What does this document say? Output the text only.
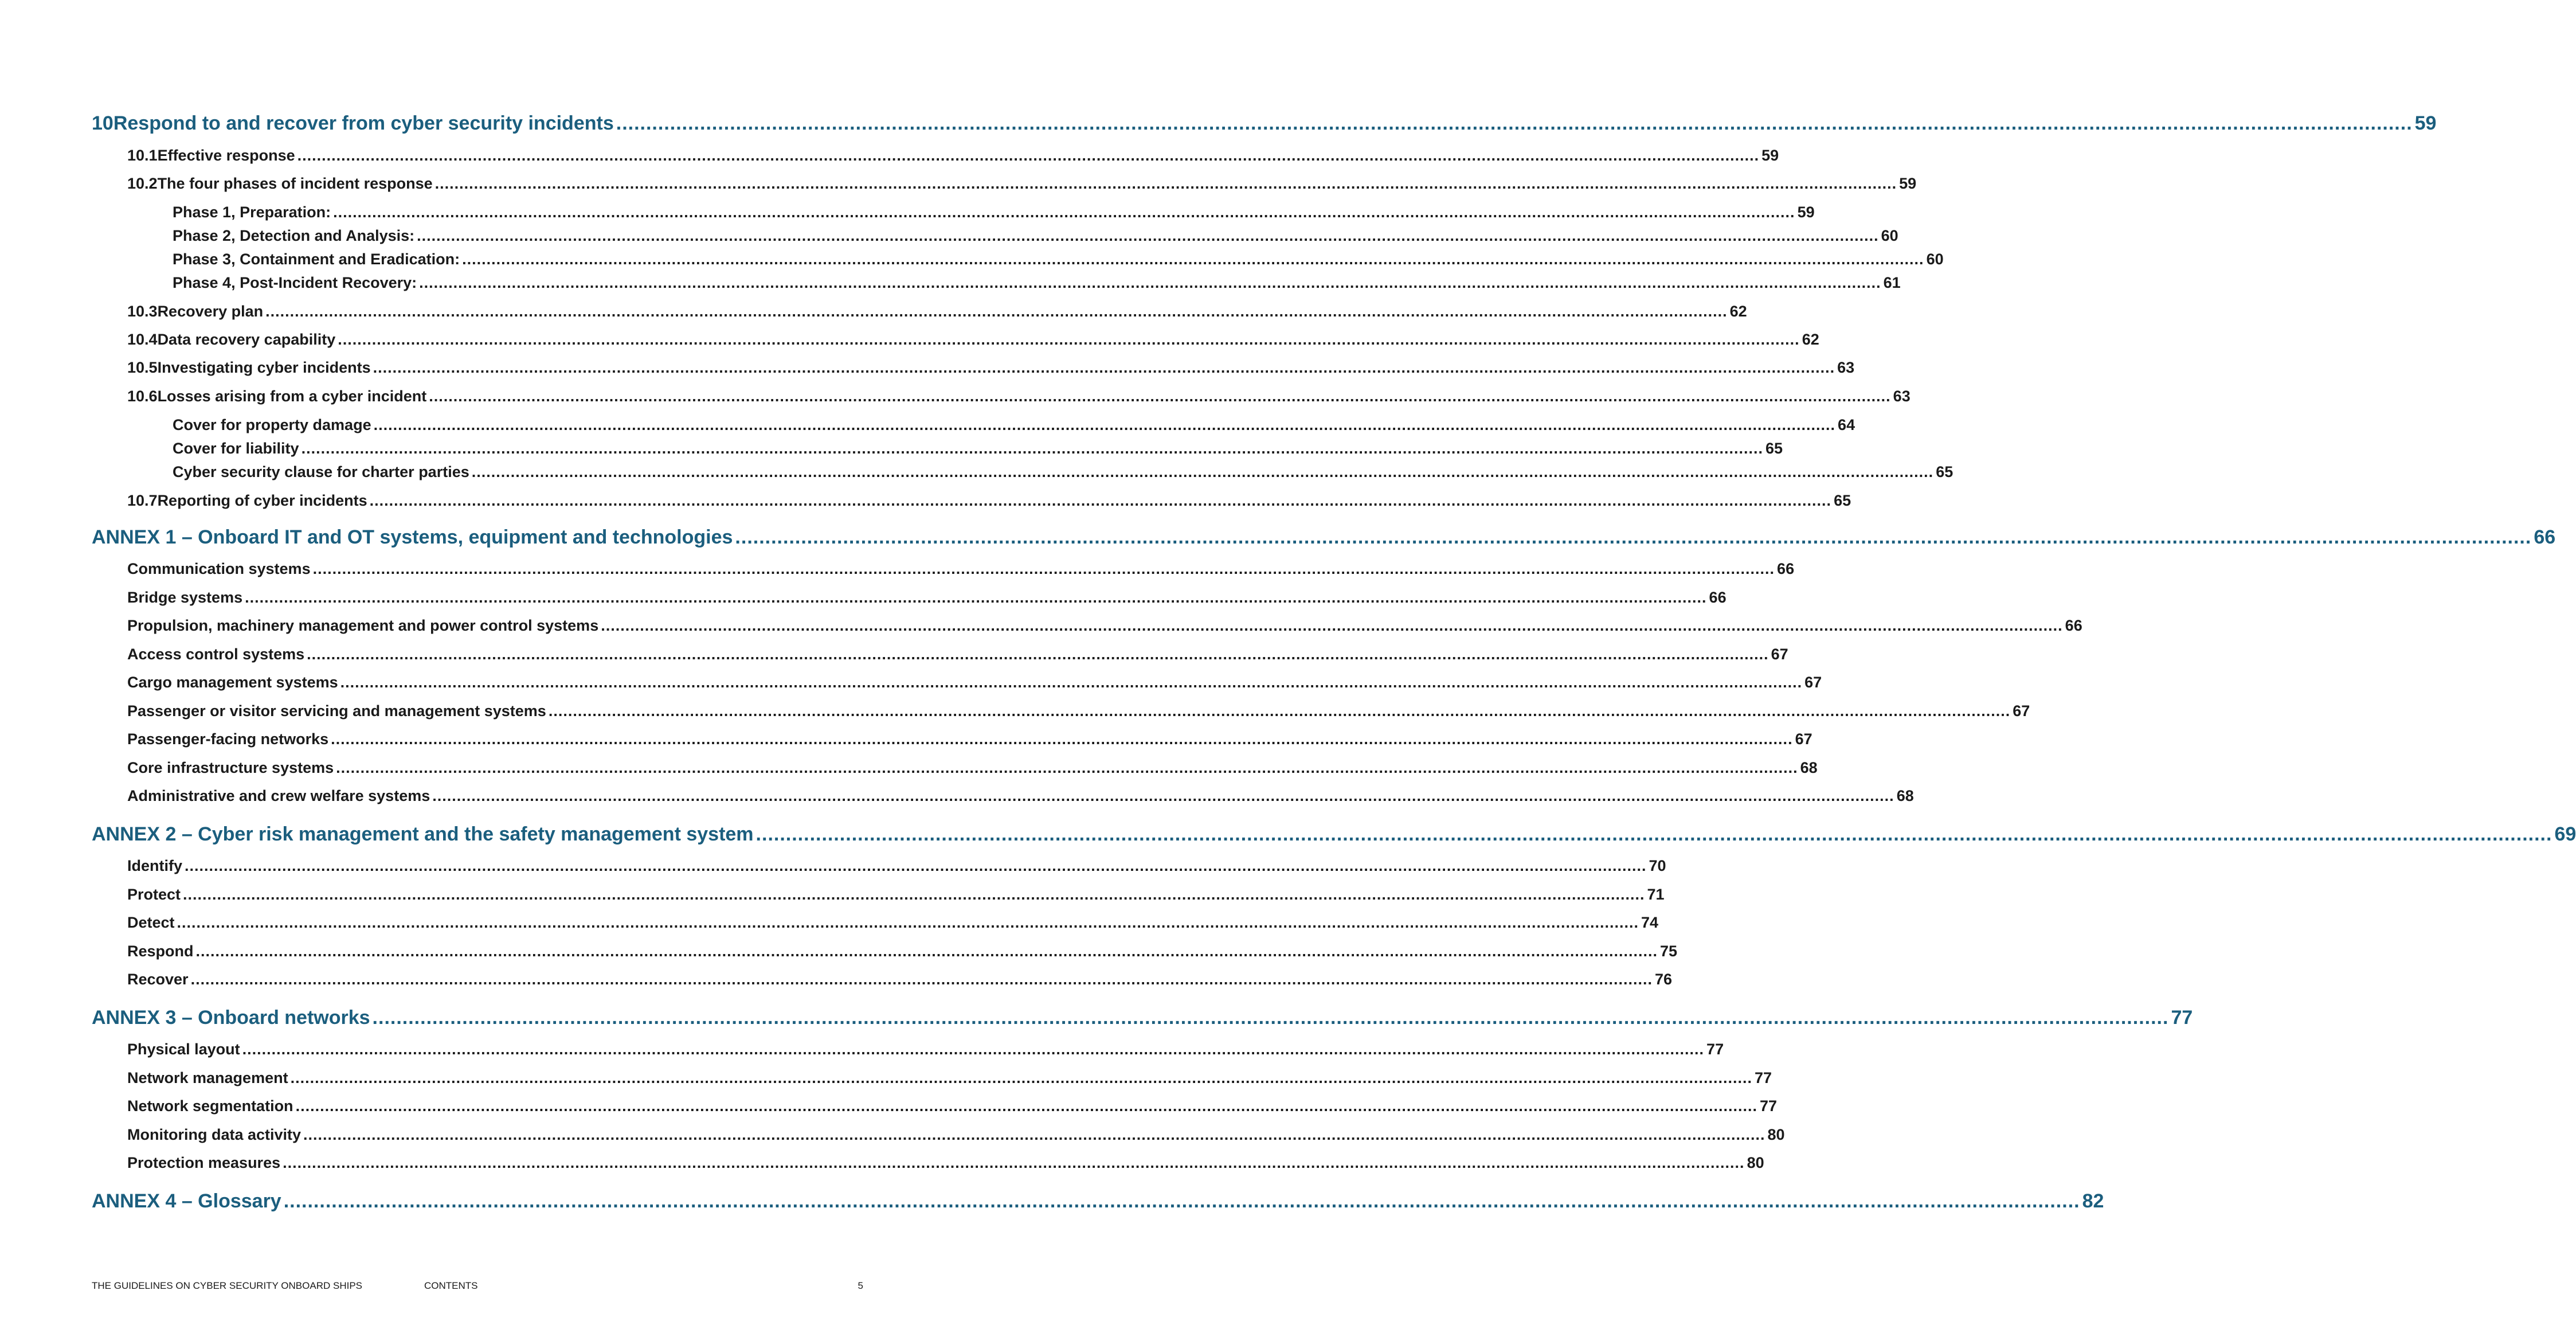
10 Respond to and recover from cyber security incidents ............................................................................................................................................................................................................................................................................................................ 59
10.1 Effective response ............................................................................................................................................................................................................................................................................................................ 59
10.2 The four phases of incident response ............................................................................................................................................................................................................................................................................................................ 59
Phase 1, Preparation: ............................................................................................................................................................................................................................................................................................................ 59
Phase 2, Detection and Analysis: ............................................................................................................................................................................................................................................................................................................ 60
Phase 3, Containment and Eradication: ............................................................................................................................................................................................................................................................................................................ 60
Phase 4, Post-Incident Recovery: ............................................................................................................................................................................................................................................................................................................ 61
10.3 Recovery plan ............................................................................................................................................................................................................................................................................................................ 62
10.4 Data recovery capability ............................................................................................................................................................................................................................................................................................................ 62
10.5 Investigating cyber incidents ............................................................................................................................................................................................................................................................................................................ 63
10.6 Losses arising from a cyber incident ............................................................................................................................................................................................................................................................................................................ 63
Cover for property damage ............................................................................................................................................................................................................................................................................................................ 64
Cover for liability ............................................................................................................................................................................................................................................................................................................ 65
Cyber security clause for charter parties ............................................................................................................................................................................................................................................................................................................ 65
10.7 Reporting of cyber incidents ............................................................................................................................................................................................................................................................................................................ 65
ANNEX 1 – Onboard IT and OT systems, equipment and technologies ............................................................................................................................................................................................................................................................................................................ 66
Communication systems ............................................................................................................................................................................................................................................................................................................ 66
Bridge systems ............................................................................................................................................................................................................................................................................................................ 66
Propulsion, machinery management and power control systems ............................................................................................................................................................................................................................................................................................................ 66
Access control systems ............................................................................................................................................................................................................................................................................................................ 67
Cargo management systems ............................................................................................................................................................................................................................................................................................................ 67
Passenger or visitor servicing and management systems ............................................................................................................................................................................................................................................................................................................ 67
Passenger-facing networks ............................................................................................................................................................................................................................................................................................................ 67
Core infrastructure systems ............................................................................................................................................................................................................................................................................................................ 68
Administrative and crew welfare systems ............................................................................................................................................................................................................................................................................................................ 68
ANNEX 2 – Cyber risk management and the safety management system ............................................................................................................................................................................................................................................................................................................ 69
Identify ............................................................................................................................................................................................................................................................................................................ 70
Protect ............................................................................................................................................................................................................................................................................................................ 71
Detect ............................................................................................................................................................................................................................................................................................................ 74
Respond ............................................................................................................................................................................................................................................................................................................ 75
Recover ............................................................................................................................................................................................................................................................................................................ 76
ANNEX 3 – Onboard networks ............................................................................................................................................................................................................................................................................................................ 77
Physical layout ............................................................................................................................................................................................................................................................................................................ 77
Network management ............................................................................................................................................................................................................................................................................................................ 77
Network segmentation ............................................................................................................................................................................................................................................................................................................ 77
Monitoring data activity ............................................................................................................................................................................................................................................................................................................ 80
Protection measures ............................................................................................................................................................................................................................................................................................................ 80
ANNEX 4 – Glossary ............................................................................................................................................................................................................................................................................................................ 82
THE GUIDELINES ON CYBER SECURITY ONBOARD SHIPS	CONTENTS	5
